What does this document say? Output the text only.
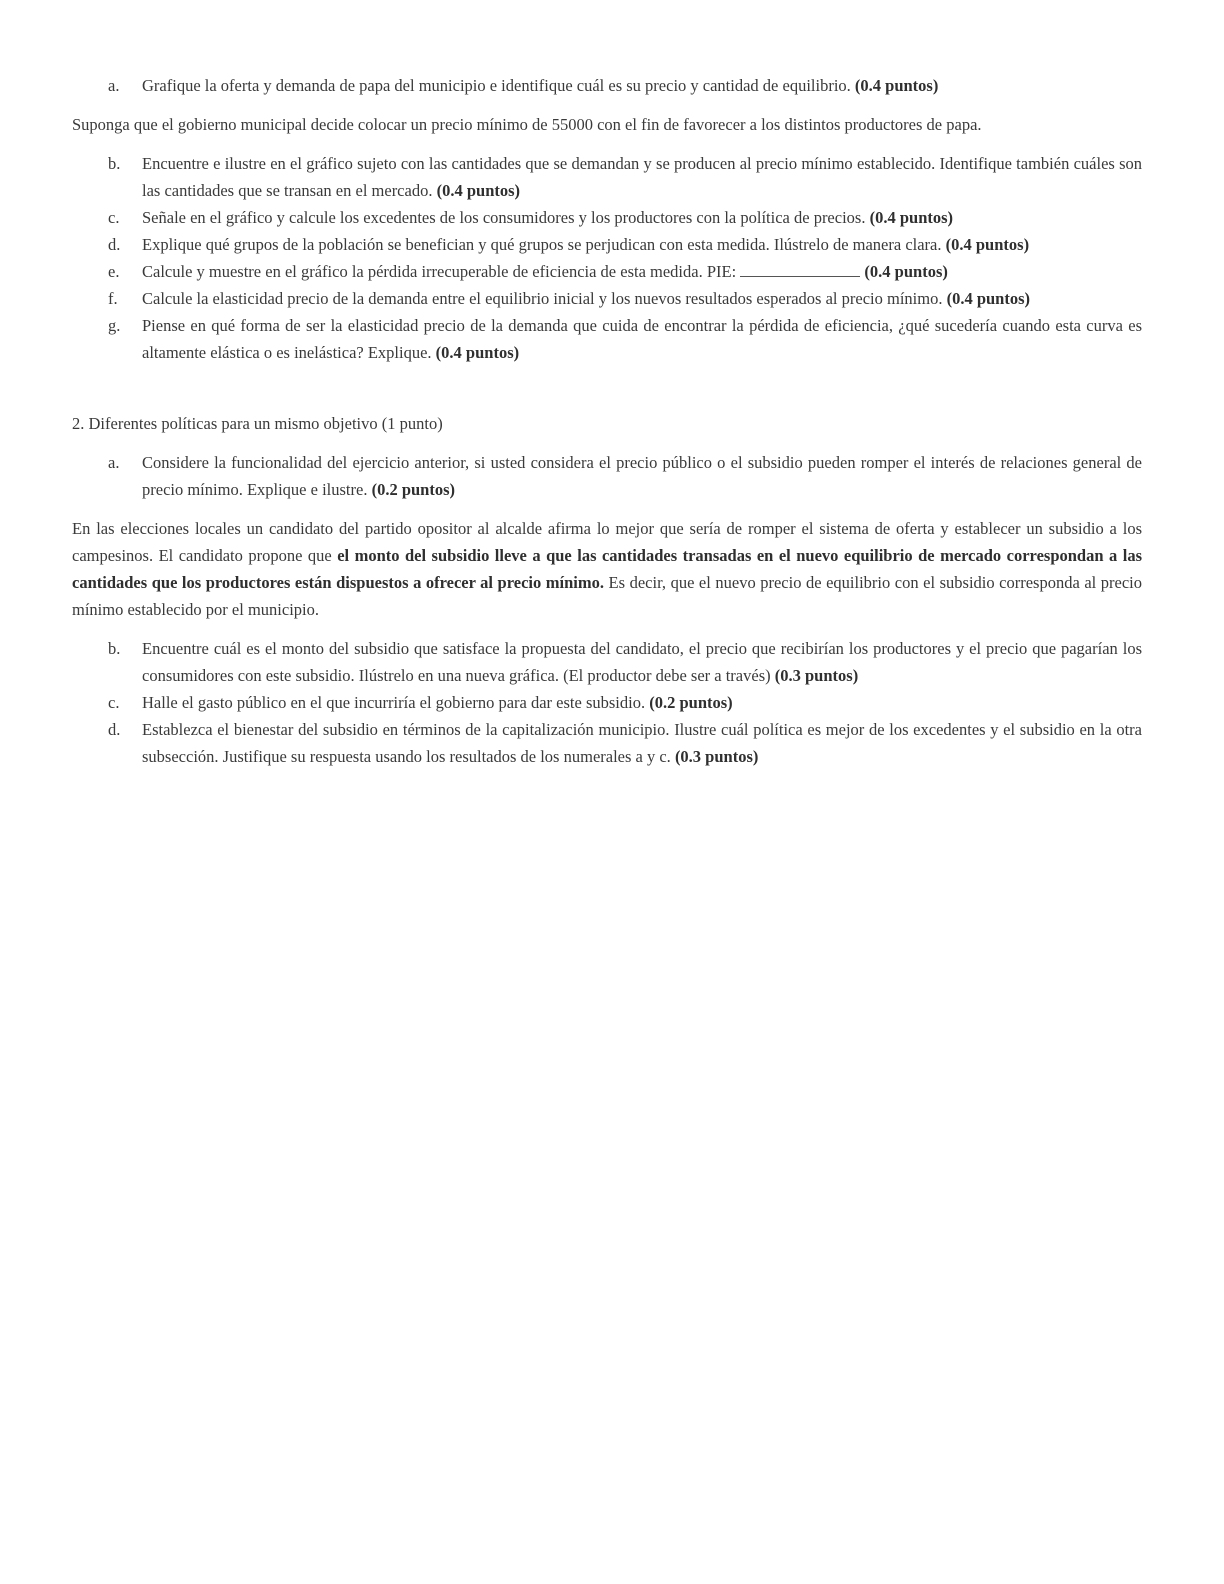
a. Grafique la oferta y demanda de papa del municipio e identifique cuál es su precio y cantidad de equilibrio. (0.4 puntos)

Suponga que el gobierno municipal decide colocar un precio mínimo de 55000 con el fin de favorecer a los distintos productores de papa.

b. Encuentre e ilustre en el gráfico sujeto con las cantidades que se demandan y se producen al precio mínimo establecido. Identifique también cuáles son las cantidades que se transan en el mercado. (0.4 puntos)

c. Señale en el gráfico y calcule los excedentes de los consumidores y los productores con la política de precios. (0.4 puntos)

d. Explique qué grupos de la población se benefician y qué grupos se perjudican con esta medida. Ilústrelo de manera clara. (0.4 puntos)

e. Calcule y muestre en el gráfico la pérdida irrecuperable de eficiencia de esta medida. PIE:	(0.4 puntos)

f. Calcule la elasticidad precio de la demanda entre el equilibrio inicial y los nuevos resultados esperados al precio mínimo. (0.4 puntos)

g. Piense en qué forma de ser la elasticidad precio de la demanda que cuida de encontrar la pérdida de eficiencia, ¿qué sucedería cuando esta curva es altamente elástica o es inelástica? Explique. (0.4 puntos)

2. Diferentes políticas para un mismo objetivo (1 punto)

a. Considere la funcionalidad del ejercicio anterior, si usted considera el precio público o el subsidio pueden romper el interés de relaciones general de precio mínimo. Explique e ilustre. (0.2 puntos)

En las elecciones locales un candidato del partido opositor al alcalde afirma lo mejor que sería de romper el sistema de oferta y establecer un subsidio a los campesinos. El candidato propone que el monto del subsidio lleve a que las cantidades transadas en el nuevo equilibrio de mercado correspondan a las cantidades que los productores están dispuestos a ofrecer al precio mínimo. Es decir, que el nuevo precio de equilibrio con el subsidio corresponda al precio mínimo establecido por el municipio.

b. Encuentre cuál es el monto del subsidio que satisface la propuesta del candidato, el precio que recibirían los productores y el precio que pagarían los consumidores con este subsidio. Ilústrelo en una nueva gráfica. (El productor debe ser a través) (0.3 puntos)

c. Halle el gasto público en el que incurriría el gobierno para dar este subsidio. (0.2 puntos)

d. Establezca el bienestar del subsidio en términos de la capitalización municipio. Ilustre cuál política es mejor de los excedentes y el subsidio en la otra subsección. Justifique su respuesta usando los resultados de los numerales a y c. (0.3 puntos)
